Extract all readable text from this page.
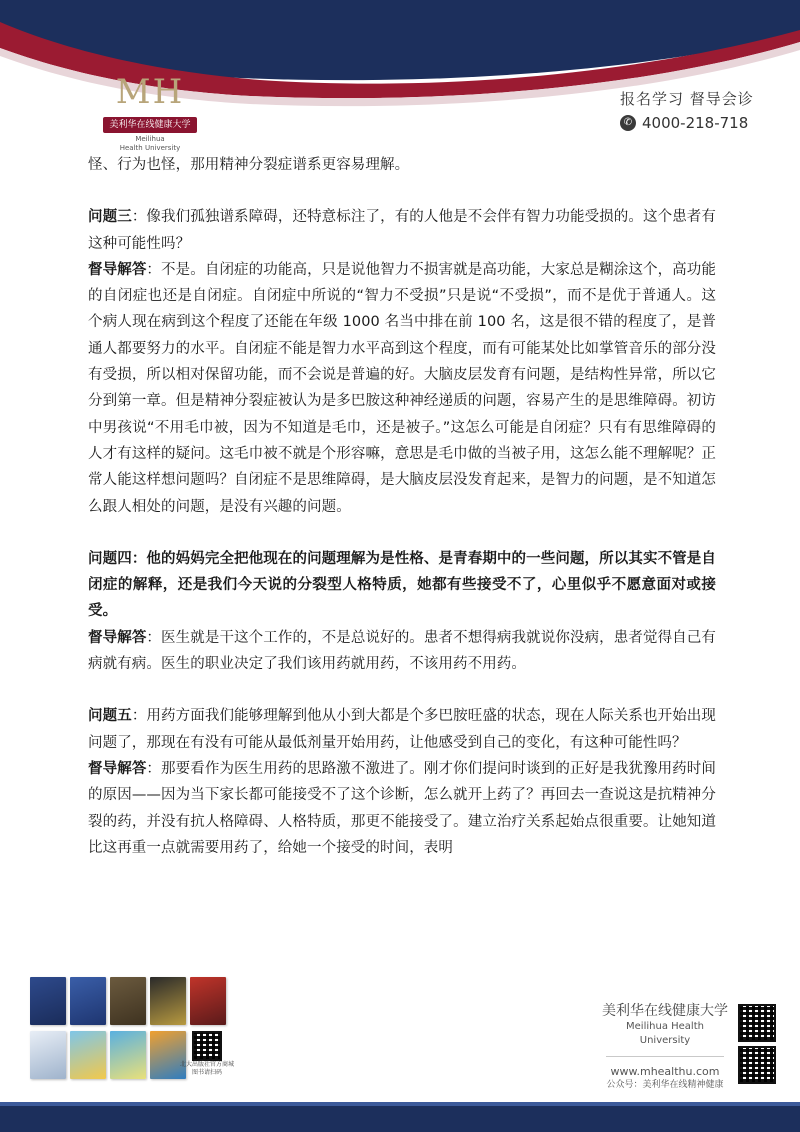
MH
美利华在线健康大学
Meilihua
Health University
报名学习 督导会诊
✆ 4000-218-718

怪、行为也怪，那用精神分裂症谱系更容易理解。

问题三：像我们孤独谱系障碍，还特意标注了，有的人他是不会伴有智力功能受损的。这个患者有这种可能性吗？

督导解答：不是。自闭症的功能高，只是说他智力不损害就是高功能，大家总是糊涂这个，高功能的自闭症也还是自闭症。自闭症中所说的“智力不受损”只是说“不受损”，而不是优于普通人。这个病人现在病到这个程度了还能在年级 1000 名当中排在前 100 名，这是很不错的程度了，是普通人都要努力的水平。自闭症不能是智力水平高到这个程度，而有可能某处比如掌管音乐的部分没有受损，所以相对保留功能，而不会说是普遍的好。大脑皮层发育有问题，是结构性异常，所以它分到第一章。但是精神分裂症被认为是多巴胺这种神经递质的问题，容易产生的是思维障碍。初访中男孩说“不用毛巾被，因为不知道是毛巾，还是被子。”这怎么可能是自闭症？只有有思维障碍的人才有这样的疑问。这毛巾被不就是个形容嘛，意思是毛巾做的当被子用，这怎么能不理解呢？正常人能这样想问题吗？自闭症不是思维障碍，是大脑皮层没发育起来，是智力的问题，是不知道怎么跟人相处的问题，是没有兴趣的问题。

问题四：他的妈妈完全把他现在的问题理解为是性格、是青春期中的一些问题，所以其实不管是自闭症的解释，还是我们今天说的分裂型人格特质，她都有些接受不了，心里似乎不愿意面对或接受。

督导解答：医生就是干这个工作的，不是总说好的。患者不想得病我就说你没病，患者觉得自己有病就有病。医生的职业决定了我们该用药就用药，不该用药不用药。

问题五：用药方面我们能够理解到他从小到大都是个多巴胺旺盛的状态，现在人际关系也开始出现问题了，那现在有没有可能从最低剂量开始用药，让他感受到自己的变化，有这种可能性吗？

督导解答：那要看作为医生用药的思路激不激进了。刚才你们提问时谈到的正好是我犹豫用药时间的原因——因为当下家长都可能接受不了这个诊断，怎么就开上药了？再回去一查说这是抗精神分裂的药，并没有抗人格障碍、人格特质，那更不能接受了。建立治疗关系起始点很重要。让她知道比这再重一点就需要用药了，给她一个接受的时间，表明

北大出版社官方商城
图书请扫码
美利华在线健康大学
Meilihua Health University
www.mhealthu.com
公众号：美利华在线精神健康
